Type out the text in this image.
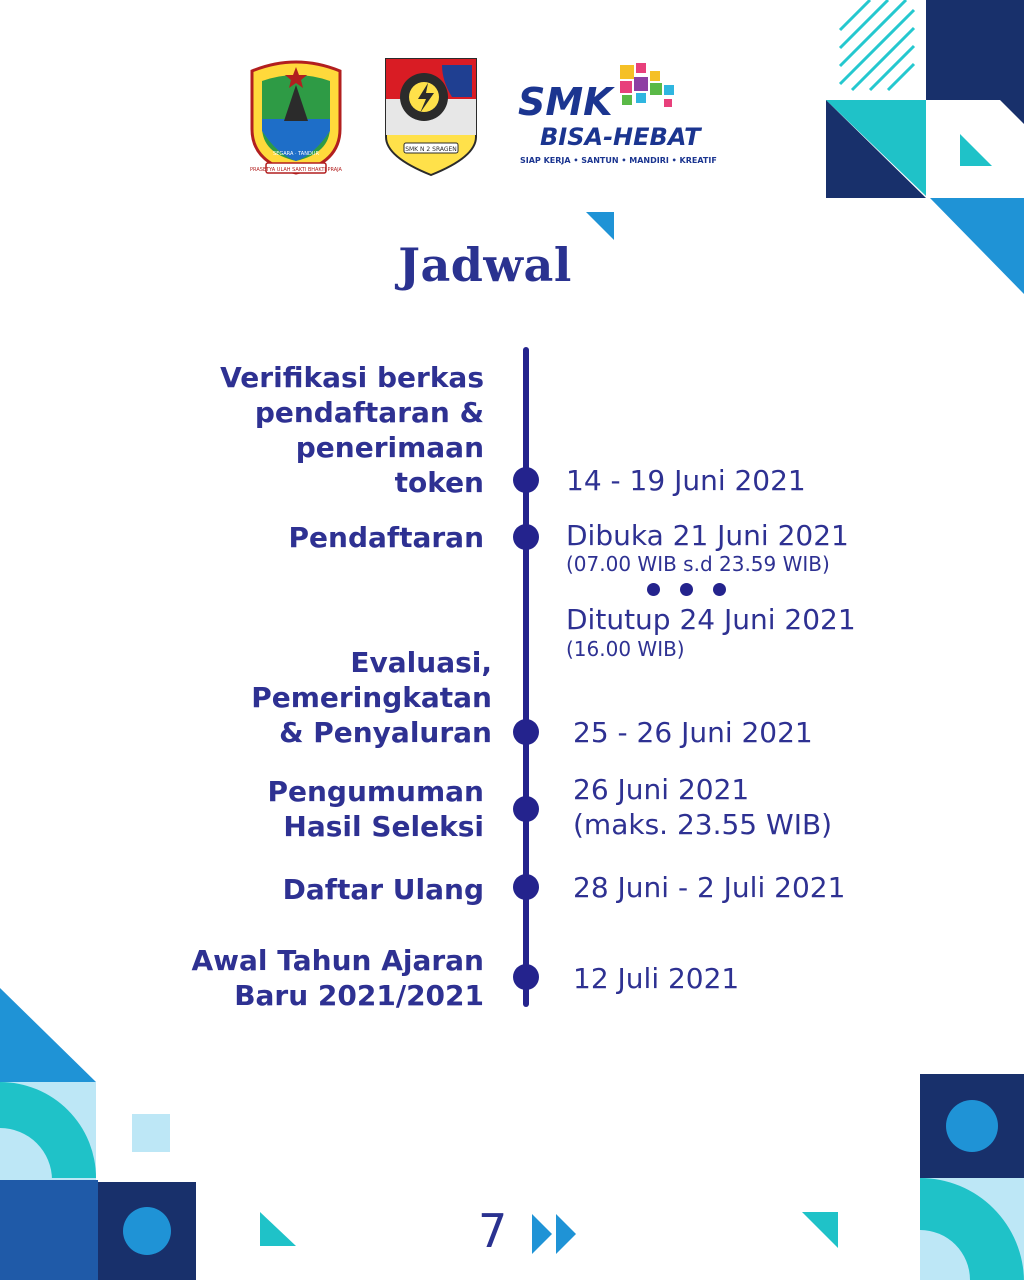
PRASETYA ULAH SAKTI BHAKTI PRAJA
SEGARA · TANDUR
SMK N 2 SRAGEN
SMK
BISA-HEBAT
SIAP KERJA • SANTUN • MANDIRI • KREATIF
Jadwal
Verifikasi berkas
pendaftaran &
penerimaan
token	14 - 19 Juni 2021
Pendaftaran	Dibuka 21 Juni 2021
(07.00 WIB s.d 23.59 WIB)
Ditutup 24 Juni 2021
(16.00 WIB)
Evaluasi,
Pemeringkatan
& Penyaluran	25 - 26 Juni 2021
Pengumuman
Hasil Seleksi
26 Juni 2021
(maks. 23.55 WIB)
Daftar Ulang	28 Juni - 2 Juli 2021
Awal Tahun Ajaran
Baru 2021/2021
12 Juli 2021
7
